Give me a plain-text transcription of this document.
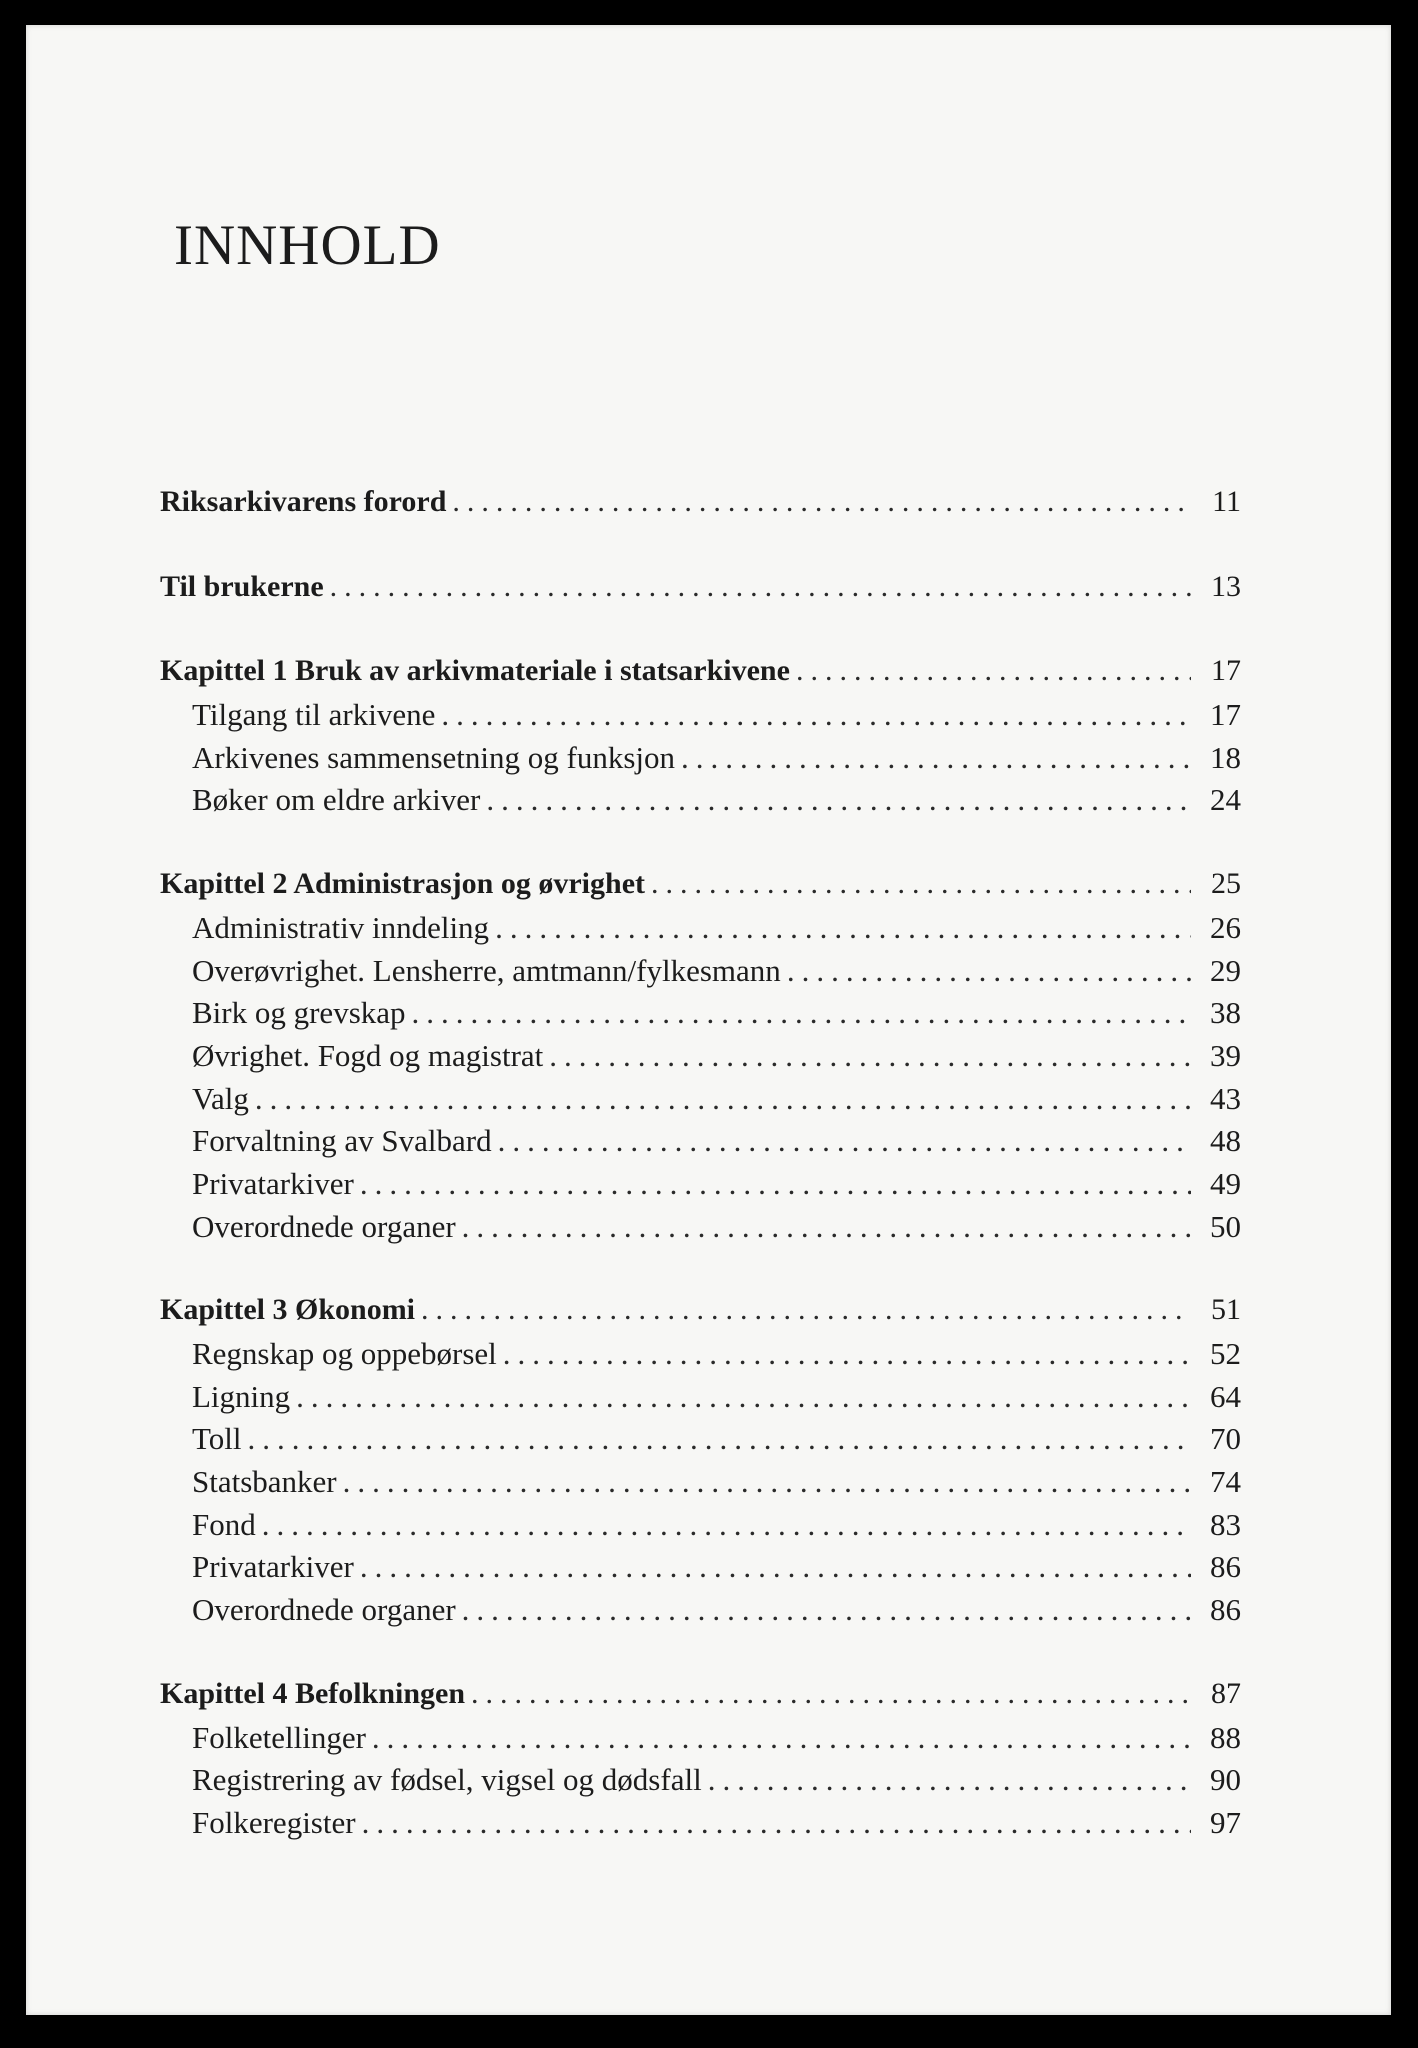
INNHOLD
Riksarkivarens forord .....	11
Til brukerne .....	13
Kapittel 1 Bruk av arkivmateriale i statsarkivene .....	17
Tilgang til arkivene .....	17
Arkivenes sammensetning og funksjon .....	18
Bøker om eldre arkiver .....	24
Kapittel 2 Administrasjon og øvrighet .....	25
Administrativ inndeling .....	26
Overøvrighet. Lensherre, amtmann/fylkesmann .....	29
Birk og grevskap .....	38
Øvrighet. Fogd og magistrat .....	39
Valg .....	43
Forvaltning av Svalbard .....	48
Privatarkiver .....	49
Overordnede organer .....	50
Kapittel 3 Økonomi .....	51
Regnskap og oppebørsel .....	52
Ligning .....	64
Toll .....	70
Statsbanker .....	74
Fond .....	83
Privatarkiver .....	86
Overordnede organer .....	86
Kapittel 4 Befolkningen .....	87
Folketellinger .....	88
Registrering av fødsel, vigsel og dødsfall .....	90
Folkeregister .....	97
